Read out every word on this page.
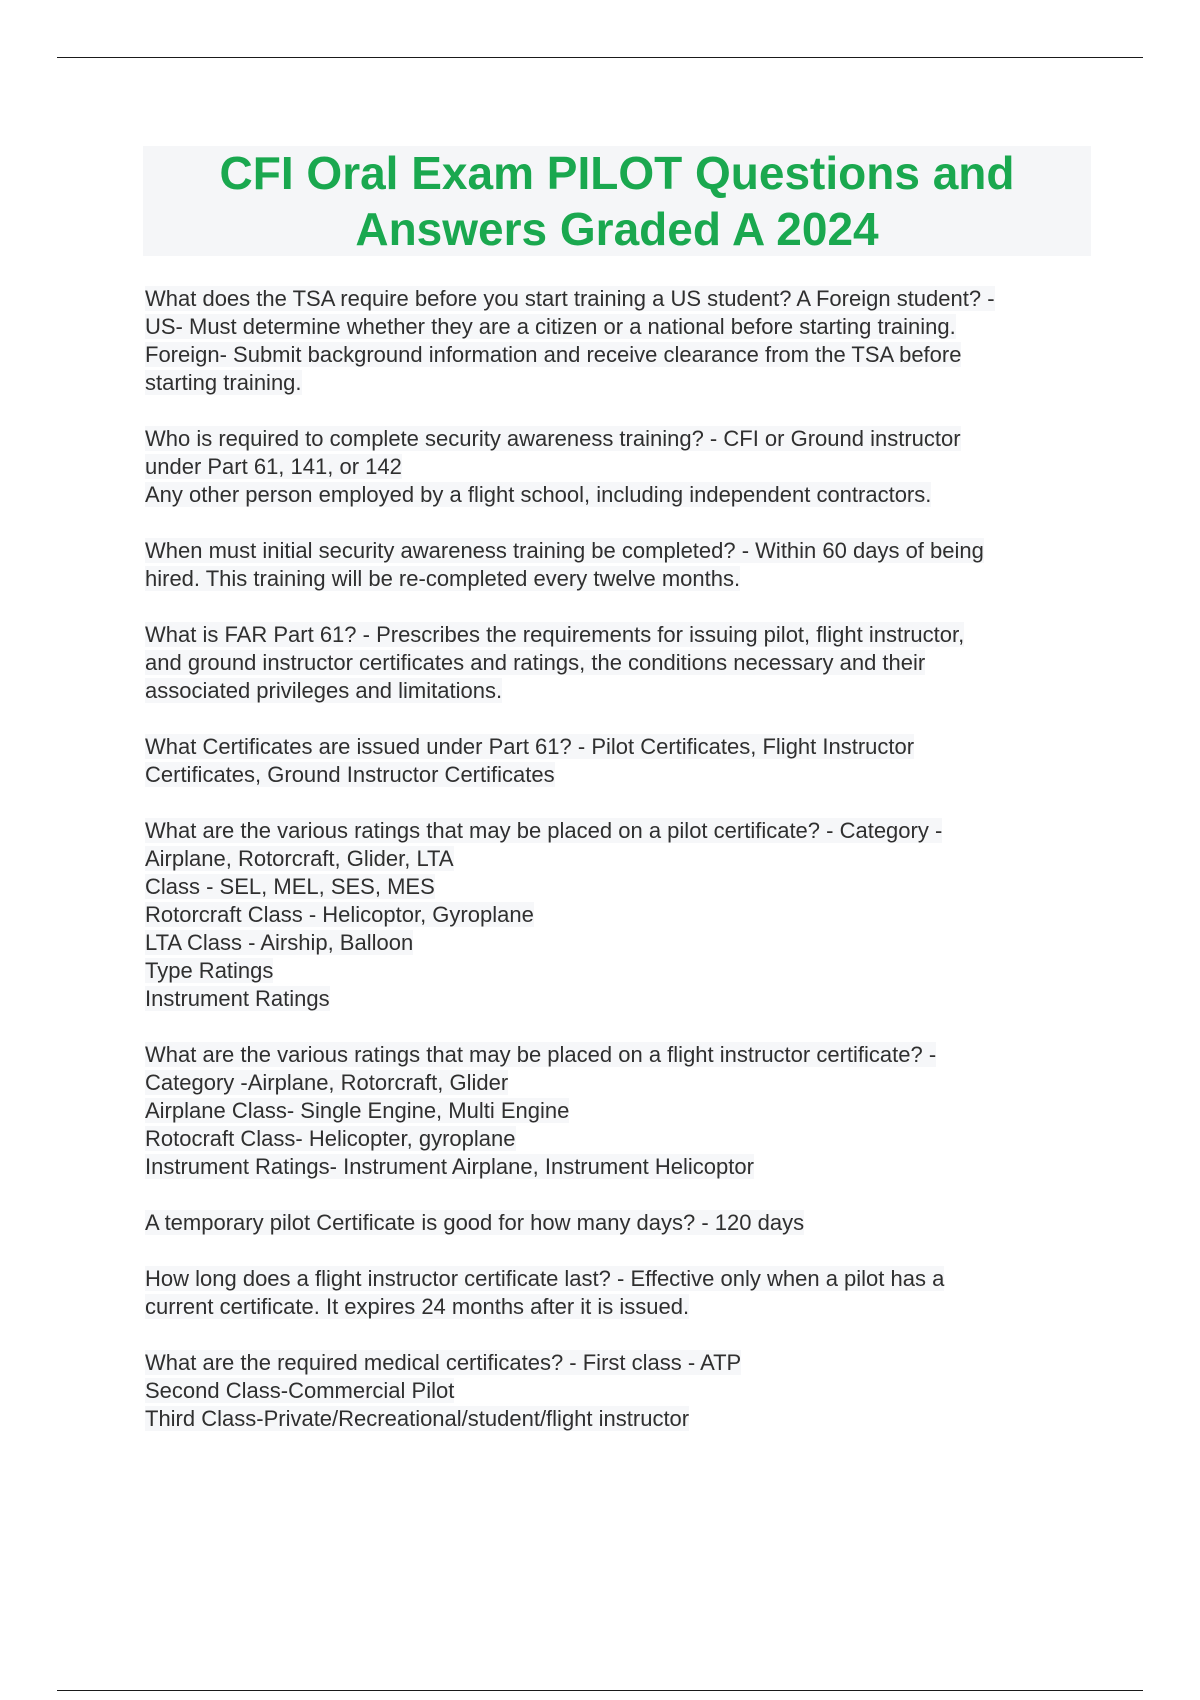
CFI Oral Exam PILOT Questions and
Answers Graded A 2024

What does the TSA require before you start training a US student? A Foreign student? -
US- Must determine whether they are a citizen or a national before starting training.
Foreign- Submit background information and receive clearance from the TSA before
starting training.

Who is required to complete security awareness training? - CFI or Ground instructor
under Part 61, 141, or 142
Any other person employed by a flight school, including independent contractors.

When must initial security awareness training be completed? - Within 60 days of being
hired. This training will be re-completed every twelve months.

What is FAR Part 61? - Prescribes the requirements for issuing pilot, flight instructor,
and ground instructor certificates and ratings, the conditions necessary and their
associated privileges and limitations.

What Certificates are issued under Part 61? - Pilot Certificates, Flight Instructor
Certificates, Ground Instructor Certificates

What are the various ratings that may be placed on a pilot certificate? - Category -
Airplane, Rotorcraft, Glider, LTA
Class - SEL, MEL, SES, MES
Rotorcraft Class - Helicoptor, Gyroplane
LTA Class - Airship, Balloon
Type Ratings
Instrument Ratings

What are the various ratings that may be placed on a flight instructor certificate? -
Category -Airplane, Rotorcraft, Glider
Airplane Class- Single Engine, Multi Engine
Rotocraft Class- Helicopter, gyroplane
Instrument Ratings- Instrument Airplane, Instrument Helicoptor

A temporary pilot Certificate is good for how many days? - 120 days

How long does a flight instructor certificate last? - Effective only when a pilot has a
current certificate. It expires 24 months after it is issued.

What are the required medical certificates? - First class - ATP
Second Class-Commercial Pilot
Third Class-Private/Recreational/student/flight instructor
